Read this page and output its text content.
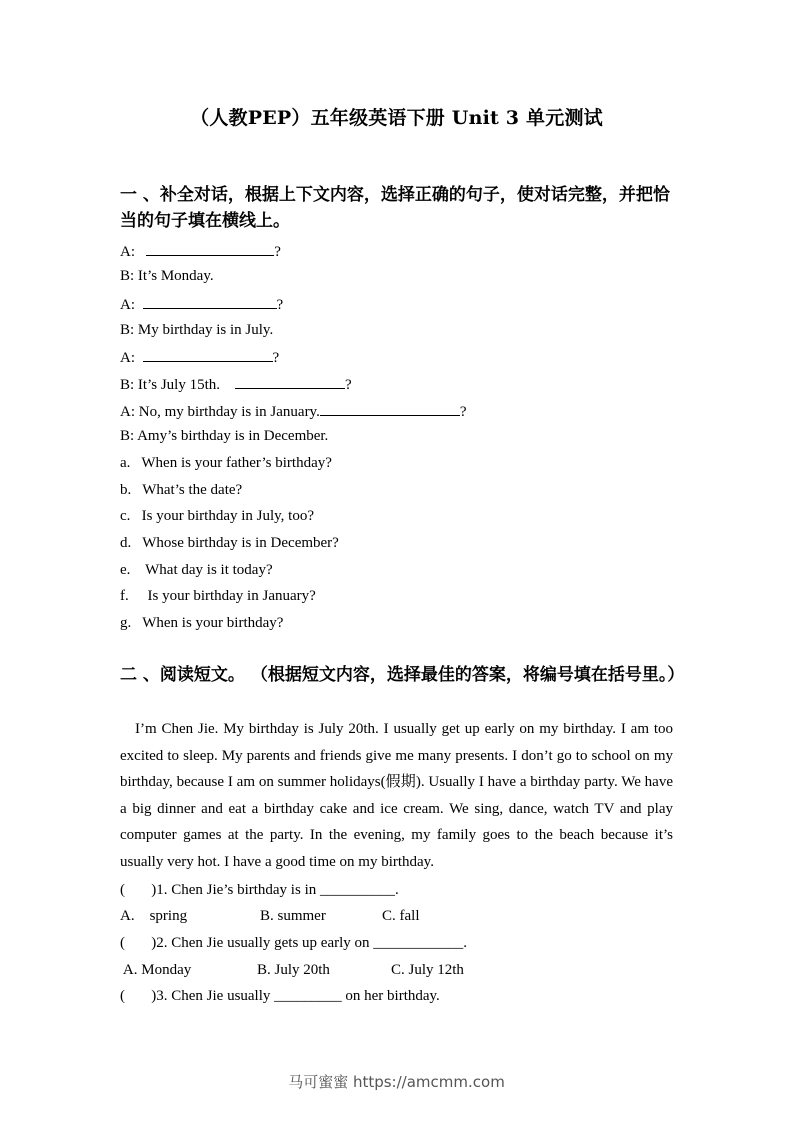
（人教PEP）五年级英语下册 Unit 3 单元测试
一 、补全对话，根据上下文内容，选择正确的句子，使对话完整，并把恰当的句子填在横线上。
A:	?
B: It’s Monday.
A:	?
B: My birthday is in July.
A:	?
B: It’s July 15th.	?
A: No, my birthday is in January.	?
B: Amy’s birthday is in December.
a.   When is your father’s birthday?
b.   What’s the date?
c.   Is your birthday in July, too?
d.   Whose birthday is in December?
e.    What day is it today?
f.     Is your birthday in January?
g.   When is your birthday?
二 、阅读短文。 （根据短文内容，选择最佳的答案，将编号填在括号里。）
I’m Chen Jie. My birthday is July 20th. I usually get up early on my birthday. I am too excited to sleep. My parents and friends give me many presents. I don’t go to school on my birthday, because I am on summer holidays(假期). Usually I have a birthday party. We have a big dinner and eat a birthday cake and ice cream. We sing, dance, watch TV and play computer games at the party. In the evening, my family goes to the beach because it’s usually very hot. I have a good time on my birthday.
(       )1. Chen Jie’s birthday is in __________.
A.    spring	B. summer	C. fall
(       )2. Chen Jie usually gets up early on ____________.
A. Monday	B. July 20th	C. July 12th
(       )3. Chen Jie usually _________ on her birthday.
马可蜜蜜 https://amcmm.com
